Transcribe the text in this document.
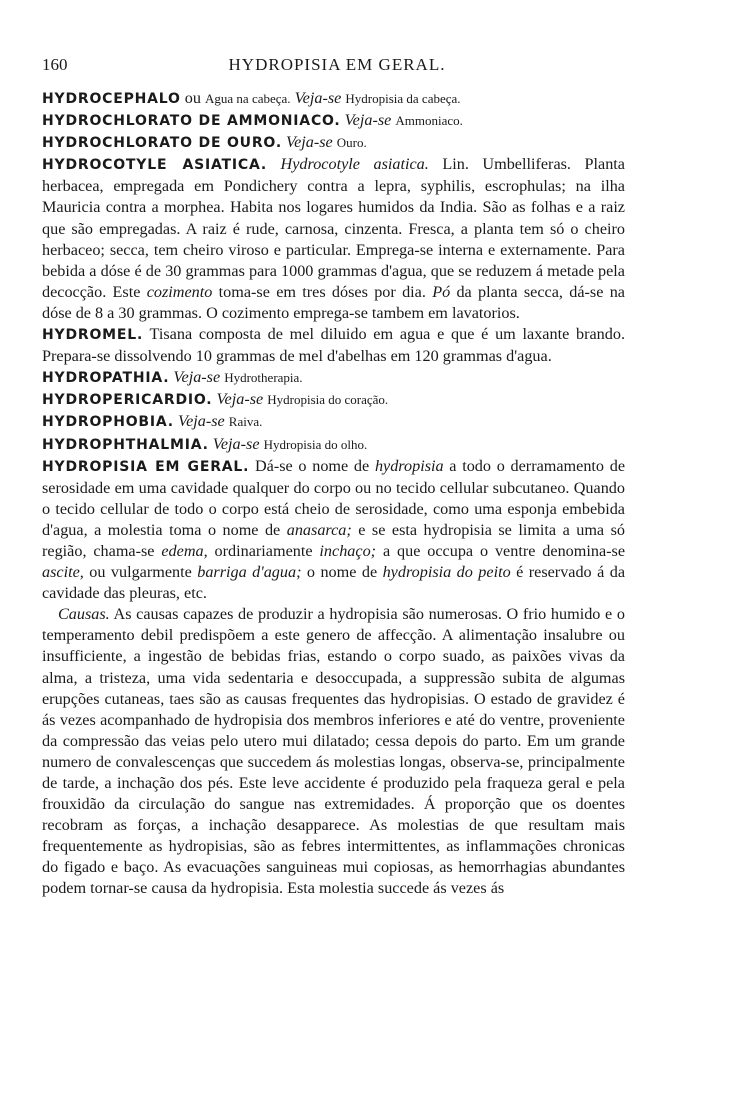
160	HYDROPISIA EM GERAL.

HYDROCEPHALO ou Agua na cabeça. Veja-se Hydropisia da cabeça.

HYDROCHLORATO DE AMMONIACO. Veja-se Ammoniaco.

HYDROCHLORATO DE OURO. Veja-se Ouro.

HYDROCOTYLE ASIATICA. Hydrocotyle asiatica. Lin. Umbelliferas. Planta herbacea, empregada em Pondichery contra a lepra, syphilis, escrophulas; na ilha Mauricia contra a morphea. Habita nos logares humidos da India. São as folhas e a raiz que são empregadas. A raiz é rude, carnosa, cinzenta. Fresca, a planta tem só o cheiro herbaceo; secca, tem cheiro viroso e particular. Emprega-se interna e externamente. Para bebida a dóse é de 30 grammas para 1000 grammas d'agua, que se reduzem á metade pela decocção. Este cozimento toma-se em tres dóses por dia. Pó da planta secca, dá-se na dóse de 8 a 30 grammas. O cozimento emprega-se tambem em lavatorios.

HYDROMEL. Tisana composta de mel diluido em agua e que é um laxante brando. Prepara-se dissolvendo 10 grammas de mel d'abelhas em 120 grammas d'agua.

HYDROPATHIA. Veja-se Hydrotherapia.

HYDROPERICARDIO. Veja-se Hydropisia do coração.

HYDROPHOBIA. Veja-se Raiva.

HYDROPHTHALMIA. Veja-se Hydropisia do olho.

HYDROPISIA EM GERAL. Dá-se o nome de hydropisia a todo o derramamento de serosidade em uma cavidade qualquer do corpo ou no tecido cellular subcutaneo. Quando o tecido cellular de todo o corpo está cheio de serosidade, como uma esponja embebida d'agua, a molestia toma o nome de anasarca; e se esta hydropisia se limita a uma só região, chama-se edema, ordinariamente inchaço; a que occupa o ventre denomina-se ascite, ou vulgarmente barriga d'agua; o nome de hydropisia do peito é reservado á da cavidade das pleuras, etc.

Causas. As causas capazes de produzir a hydropisia são numerosas. O frio humido e o temperamento debil predispõem a este genero de affecção. A alimentação insalubre ou insufficiente, a ingestão de bebidas frias, estando o corpo suado, as paixões vivas da alma, a tristeza, uma vida sedentaria e desoccupada, a suppressão subita de algumas erupções cutaneas, taes são as causas frequentes das hydropisias. O estado de gravidez é ás vezes acompanhado de hydropisia dos membros inferiores e até do ventre, proveniente da compressão das veias pelo utero mui dilatado; cessa depois do parto. Em um grande numero de convalescenças que succedem ás molestias longas, observa-se, principalmente de tarde, a inchação dos pés. Este leve accidente é produzido pela fraqueza geral e pela frouxidão da circulação do sangue nas extremidades. Á proporção que os doentes recobram as forças, a inchação desapparece. As molestias de que resultam mais frequentemente as hydropisias, são as febres intermittentes, as inflammações chronicas do figado e baço. As evacuações sanguineas mui copiosas, as hemorrhagias abundantes podem tornar-se causa da hydropisia. Esta molestia succede ás vezes ás
